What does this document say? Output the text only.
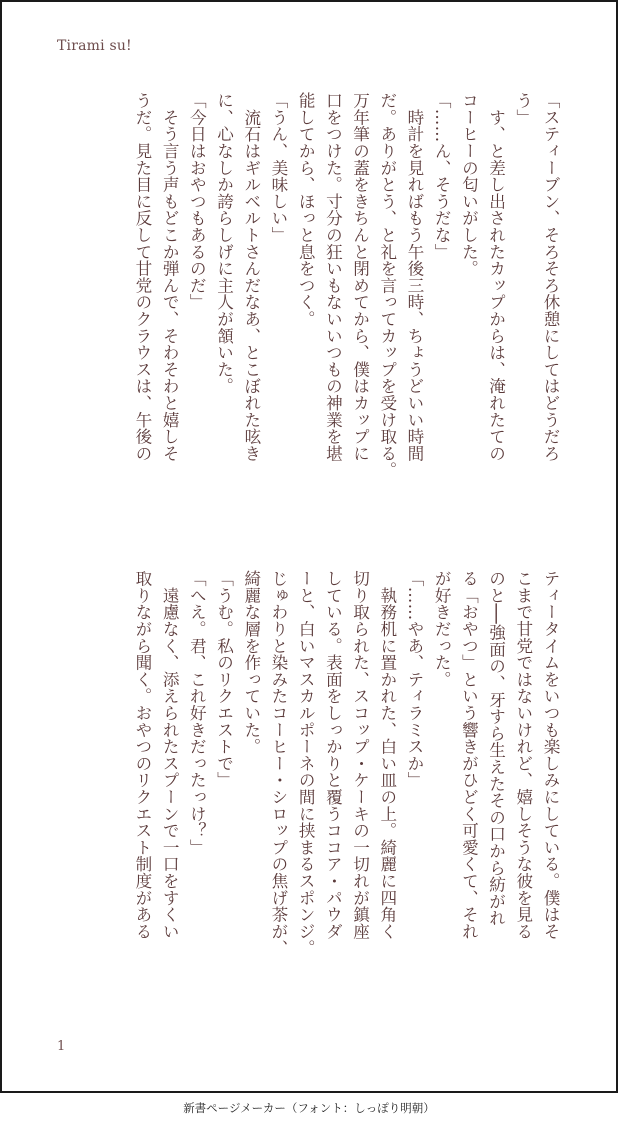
Tirami su!
「スティーブン、そろそろ休憩にしてはどうだろ
う」
　す、と差し出されたカップからは、淹れたての
コーヒーの匂いがした。
「……ん、そうだな」
　時計を見ればもう午後三時、ちょうどいい時間
だ。ありがとう、と礼を言ってカップを受け取る。
万年筆の蓋をきちんと閉めてから、僕はカップに
口をつけた。寸分の狂いもないいつもの神業を堪
能してから、ほっと息をつく。
「うん、美味しい」
　流石はギルベルトさんだなあ、とこぼれた呟き
に、心なしか誇らしげに主人が頷いた。
「今日はおやつもあるのだ」
　そう言う声もどこか弾んで、そわそわと嬉しそ
うだ。見た目に反して甘党のクラウスは、午後の
ティータイムをいつも楽しみにしている。僕はそ
こまで甘党ではないけれど、嬉しそうな彼を見る
のと──強面の、牙すら生えたその口から紡がれ
る「おやつ」という響きがひどく可愛くて、それ
が好きだった。
「……やあ、ティラミスか」
　執務机に置かれた、白い皿の上。綺麗に四角く
切り取られた、スコップ・ケーキの一切れが鎮座
している。表面をしっかりと覆うココア・パウダ
ーと、白いマスカルポーネの間に挟まるスポンジ。
じゅわりと染みたコーヒー・シロップの焦げ茶が、
綺麗な層を作っていた。
「うむ。私のリクエストで」
「へえ。君、これ好きだったっけ？」
　遠慮なく、添えられたスプーンで一口をすくい
取りながら聞く。おやつのリクエスト制度がある
1
新書ページメーカー（フォント：しっぽり明朝）
